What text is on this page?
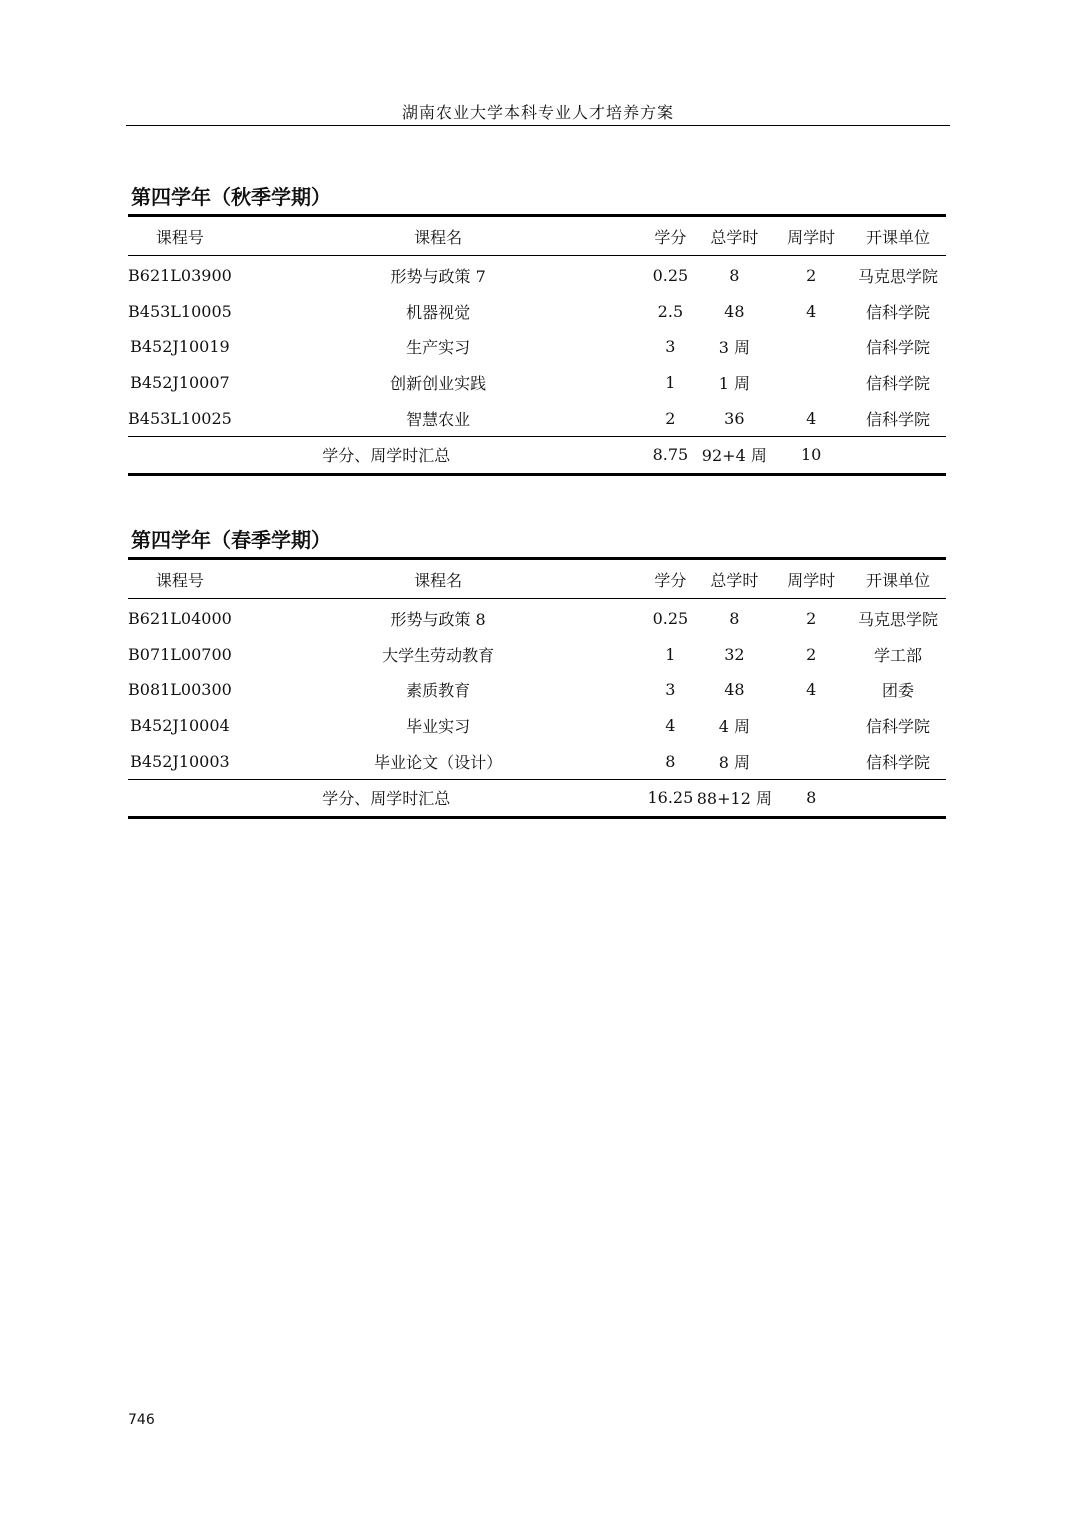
湖南农业大学本科专业人才培养方案
第四学年（秋季学期）
课程号	课程名	学分	总学时	周学时	开课单位
B621L03900	形势与政策 7	0.25	8	2	马克思学院
B453L10005	机器视觉	2.5	48	4	信科学院
B452J10019	生产实习	3	3 周		信科学院
B452J10007	创新创业实践	1	1 周		信科学院
B453L10025	智慧农业	2	36	4	信科学院
学分、周学时汇总		8.75	92+4 周	10	
第四学年（春季学期）
课程号	课程名	学分	总学时	周学时	开课单位
B621L04000	形势与政策 8	0.25	8	2	马克思学院
B071L00700	大学生劳动教育	1	32	2	学工部
B081L00300	素质教育	3	48	4	团委
B452J10004	毕业实习	4	4 周		信科学院
B452J10003	毕业论文（设计）	8	8 周		信科学院
学分、周学时汇总		16.25	88+12 周	8	
746
